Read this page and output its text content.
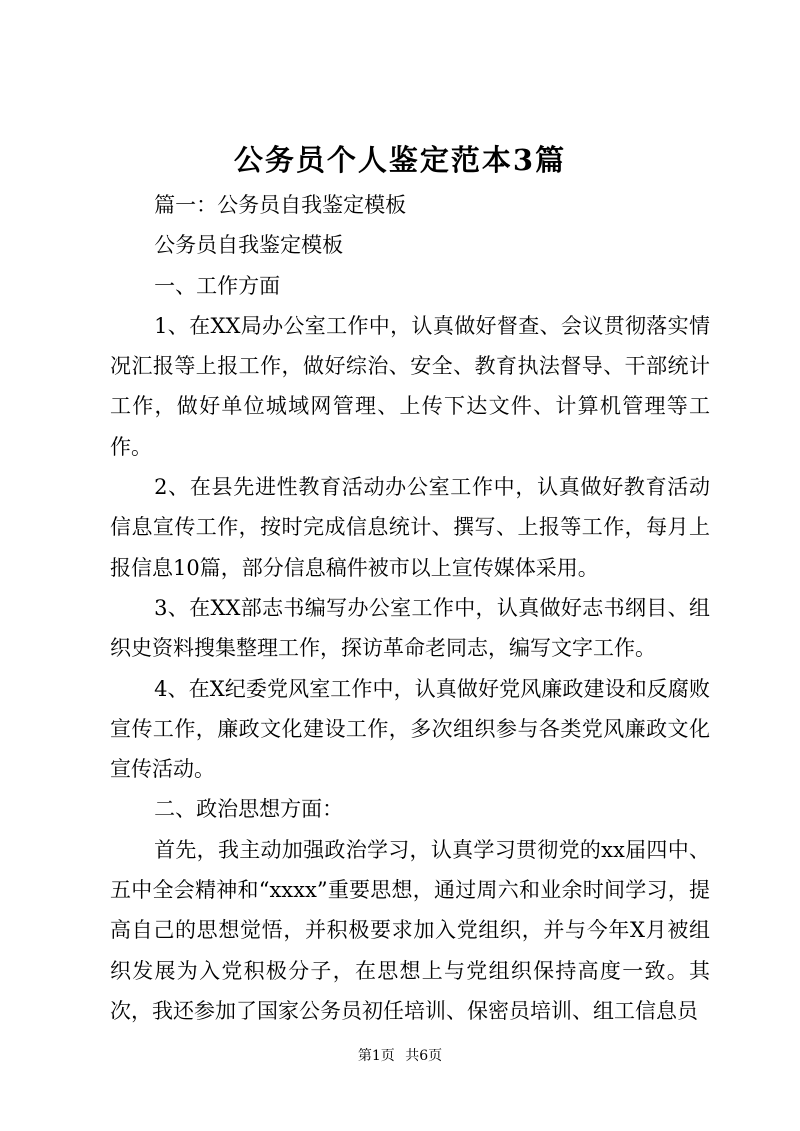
公务员个人鉴定范本3篇

篇一：公务员自我鉴定模板

公务员自我鉴定模板

一、工作方面

1、在XX局办公室工作中，认真做好督查、会议贯彻落实情况汇报等上报工作，做好综治、安全、教育执法督导、干部统计工作，做好单位城域网管理、上传下达文件、计算机管理等工作。

2、在县先进性教育活动办公室工作中，认真做好教育活动信息宣传工作，按时完成信息统计、撰写、上报等工作，每月上报信息10篇，部分信息稿件被市以上宣传媒体采用。

3、在XX部志书编写办公室工作中，认真做好志书纲目、组织史资料搜集整理工作，探访革命老同志，编写文字工作。

4、在X纪委党风室工作中，认真做好党风廉政建设和反腐败宣传工作，廉政文化建设工作，多次组织参与各类党风廉政文化宣传活动。

二、政治思想方面：

首先，我主动加强政治学习，认真学习贯彻党的xx届四中、五中全会精神和“xxxx”重要思想，通过周六和业余时间学习，提高自己的思想觉悟，并积极要求加入党组织，并与今年X月被组织发展为入党积极分子，在思想上与党组织保持高度一致。其次，我还参加了国家公务员初任培训、保密员培训、组工信息员

第1页 共6页
